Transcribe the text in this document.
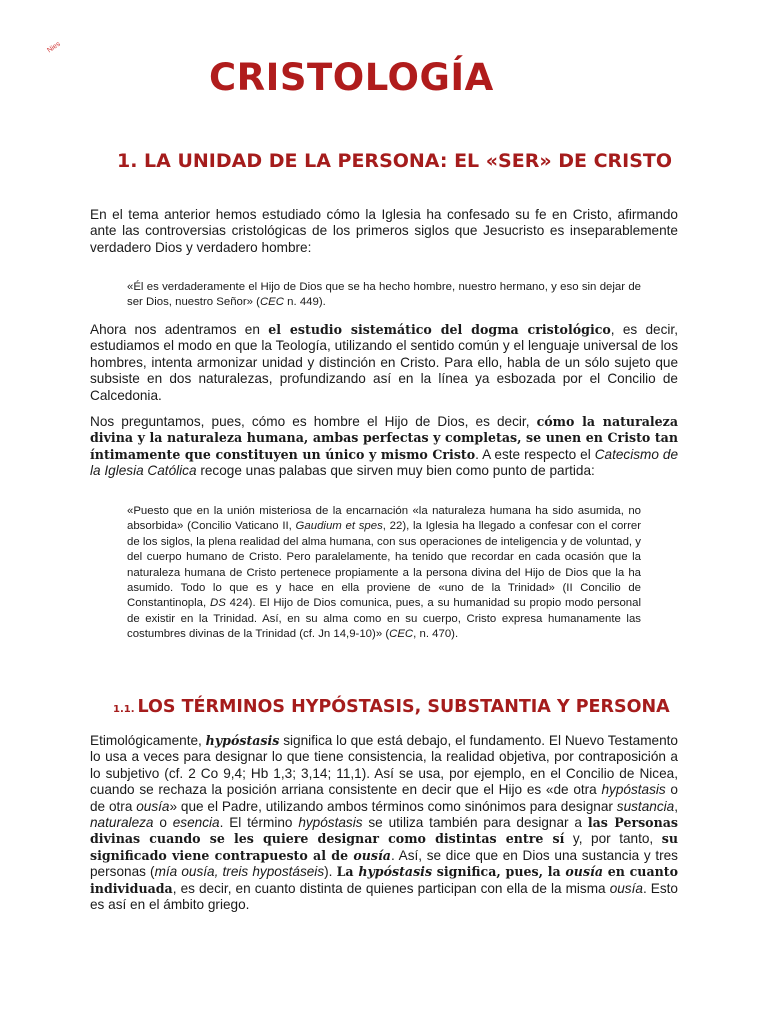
Nies
CRISTOLOGÍA
1. LA UNIDAD DE LA PERSONA: EL «SER» DE CRISTO

En el tema anterior hemos estudiado cómo la Iglesia ha confesado su fe en Cristo, afirmando ante las controversias cristológicas de los primeros siglos que Jesucristo es inseparablemente verdadero Dios y verdadero hombre:

«Él es verdaderamente el Hijo de Dios que se ha hecho hombre, nuestro hermano, y eso sin dejar de ser Dios, nuestro Señor» (CEC n. 449).

Ahora nos adentramos en el estudio sistemático del dogma cristológico, es decir, estudiamos el modo en que la Teología, utilizando el sentido común y el lenguaje universal de los hombres, intenta armonizar unidad y distinción en Cristo. Para ello, habla de un sólo sujeto que subsiste en dos naturalezas, profundizando así en la línea ya esbozada por el Concilio de Calcedonia.

Nos preguntamos, pues, cómo es hombre el Hijo de Dios, es decir, cómo la naturaleza divina y la naturaleza humana, ambas perfectas y completas, se unen en Cristo tan íntimamente que constituyen un único y mismo Cristo. A este respecto el Catecismo de la Iglesia Católica recoge unas palabas que sirven muy bien como punto de partida:

«Puesto que en la unión misteriosa de la encarnación «la naturaleza humana ha sido asumida, no absorbida» (Concilio Vaticano II, Gaudium et spes, 22), la Iglesia ha llegado a confesar con el correr de los siglos, la plena realidad del alma humana, con sus operaciones de inteligencia y de voluntad, y del cuerpo humano de Cristo. Pero paralelamente, ha tenido que recordar en cada ocasión que la naturaleza humana de Cristo pertenece propiamente a la persona divina del Hijo de Dios que la ha asumido. Todo lo que es y hace en ella proviene de «uno de la Trinidad» (II Concilio de Constantinopla, DS 424). El Hijo de Dios comunica, pues, a su humanidad su propio modo personal de existir en la Trinidad. Así, en su alma como en su cuerpo, Cristo expresa humanamente las costumbres divinas de la Trinidad (cf. Jn 14,9-10)» (CEC, n. 470).

1.1. LOS TÉRMINOS HYPÓSTASIS, SUBSTANTIA Y PERSONA

Etimológicamente, hypóstasis significa lo que está debajo, el fundamento. El Nuevo Testamento lo usa a veces para designar lo que tiene consistencia, la realidad objetiva, por contraposición a lo subjetivo (cf. 2 Co 9,4; Hb 1,3; 3,14; 11,1). Así se usa, por ejemplo, en el Concilio de Nicea, cuando se rechaza la posición arriana consistente en decir que el Hijo es «de otra hypóstasis o de otra ousía» que el Padre, utilizando ambos términos como sinónimos para designar sustancia, naturaleza o esencia. El término hypóstasis se utiliza también para designar a las Personas divinas cuando se les quiere designar como distintas entre sí y, por tanto, su significado viene contrapuesto al de ousía. Así, se dice que en Dios una sustancia y tres personas (mía ousía, treis hypostáseis). La hypóstasis significa, pues, la ousía en cuanto individuada, es decir, en cuanto distinta de quienes participan con ella de la misma ousía. Esto es así en el ámbito griego.
